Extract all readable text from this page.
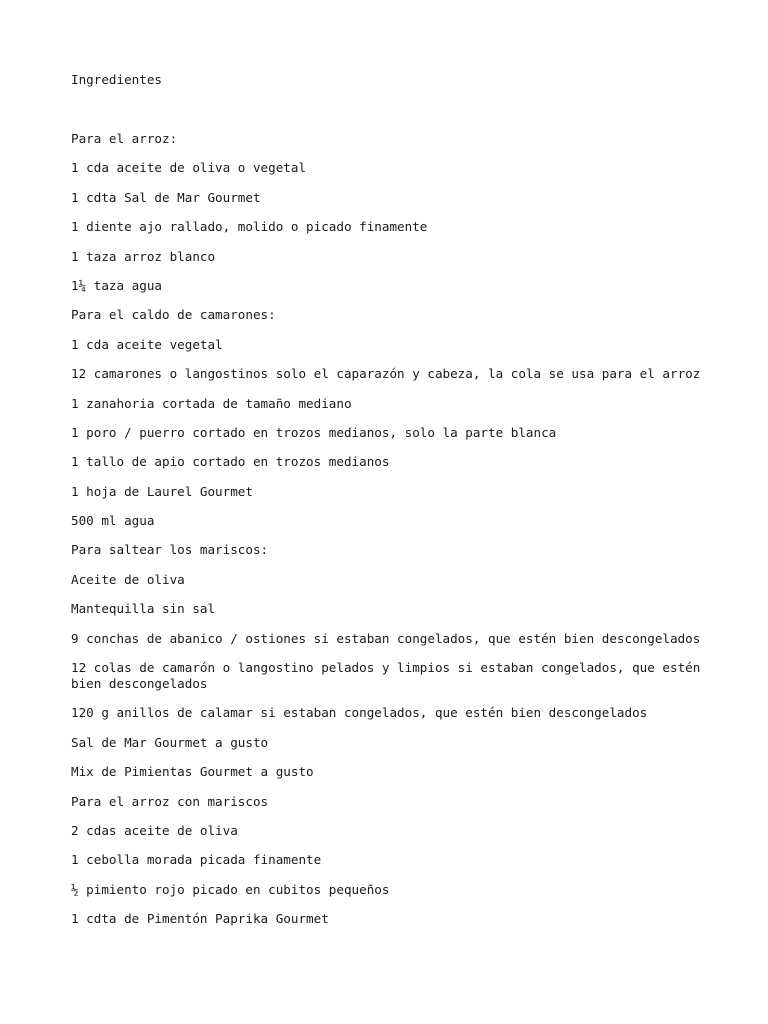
Ingredientes
Para el arroz:
1 cda aceite de oliva o vegetal
1 cdta Sal de Mar Gourmet
1 diente ajo rallado, molido o picado finamente
1 taza arroz blanco
1¼ taza agua
Para el caldo de camarones:
1 cda aceite vegetal
12 camarones o langostinos solo el caparazón y cabeza, la cola se usa para el arroz
1 zanahoria cortada de tamaño mediano
1 poro / puerro cortado en trozos medianos, solo la parte blanca
1 tallo de apio cortado en trozos medianos
1 hoja de Laurel Gourmet
500 ml agua
Para saltear los mariscos:
Aceite de oliva
Mantequilla sin sal
9 conchas de abanico / ostiones si estaban congelados, que estén bien descongelados
12 colas de camarón o langostino pelados y limpios si estaban congelados, que estén bien descongelados
120 g anillos de calamar si estaban congelados, que estén bien descongelados
Sal de Mar Gourmet a gusto
Mix de Pimientas Gourmet a gusto
Para el arroz con mariscos
2 cdas aceite de oliva
1 cebolla morada picada finamente
½ pimiento rojo picado en cubitos pequeños
1 cdta de Pimentón Paprika Gourmet
